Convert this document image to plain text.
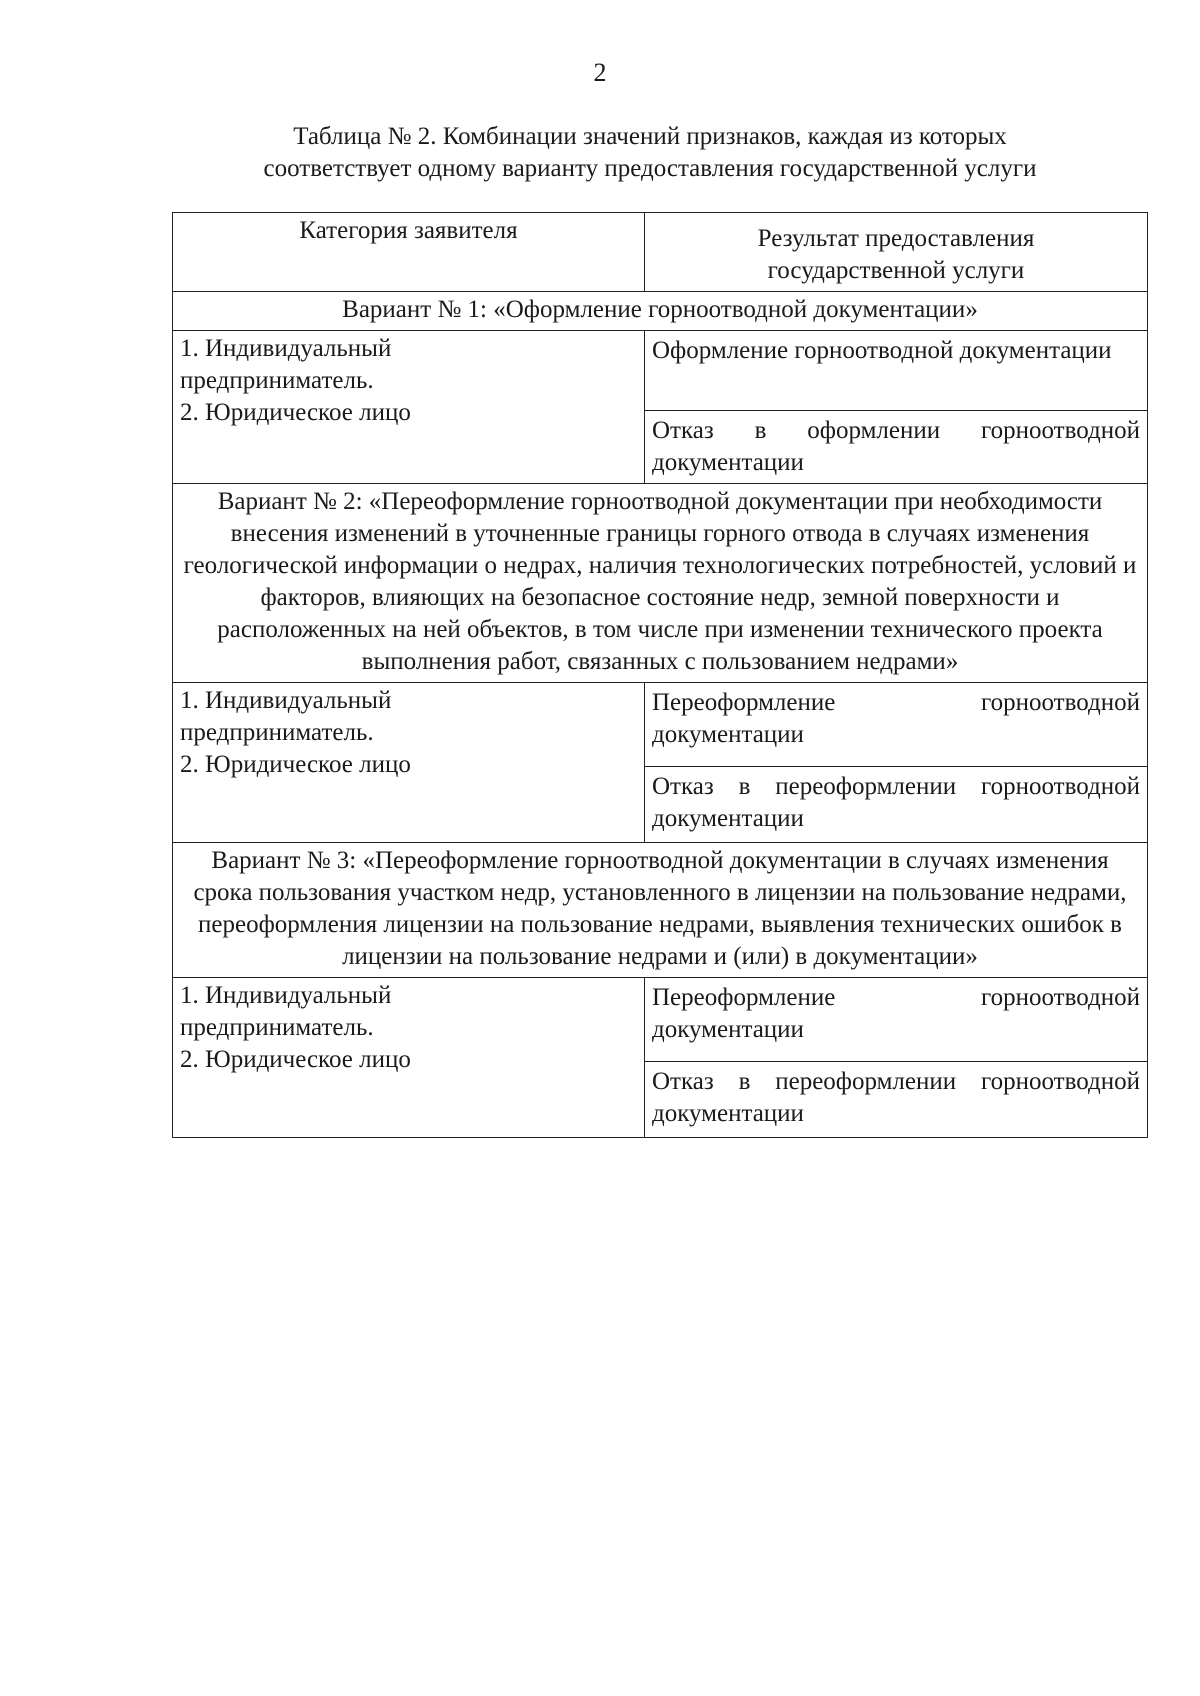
2
Таблица № 2. Комбинации значений признаков, каждая из которых
соответствует одному варианту предоставления государственной услуги
Категория заявителя	Результат предоставления
государственной услуги

Вариант № 1: «Оформление горноотводной документации»	

1. Индивидуальный
предприниматель.
2. Юридическое лицо	Оформление горноотводной документации

	Отказ в оформлении горноотводной документации

Вариант № 2: «Переоформление горноотводной документации при необходимости внесения изменений в уточненные границы горного отвода в случаях изменения геологической информации о недрах, наличия технологических потребностей, условий и факторов, влияющих на безопасное состояние недр, земной поверхности и расположенных на ней объектов, в том числе при изменении технического проекта выполнения работ, связанных с пользованием недрами»	

1. Индивидуальный
предприниматель.
2. Юридическое лицо	Переоформление горноотводной документации

	Отказ в переоформлении горноотводной документации

Вариант № 3: «Переоформление горноотводной документации в случаях изменения срока пользования участком недр, установленного в лицензии на пользование недрами, переоформления лицензии на пользование недрами, выявления технических ошибок в лицензии на пользование недрами и (или) в документации»	

1. Индивидуальный
предприниматель.
2. Юридическое лицо	Переоформление горноотводной документации

	Отказ в переоформлении горноотводной документации
